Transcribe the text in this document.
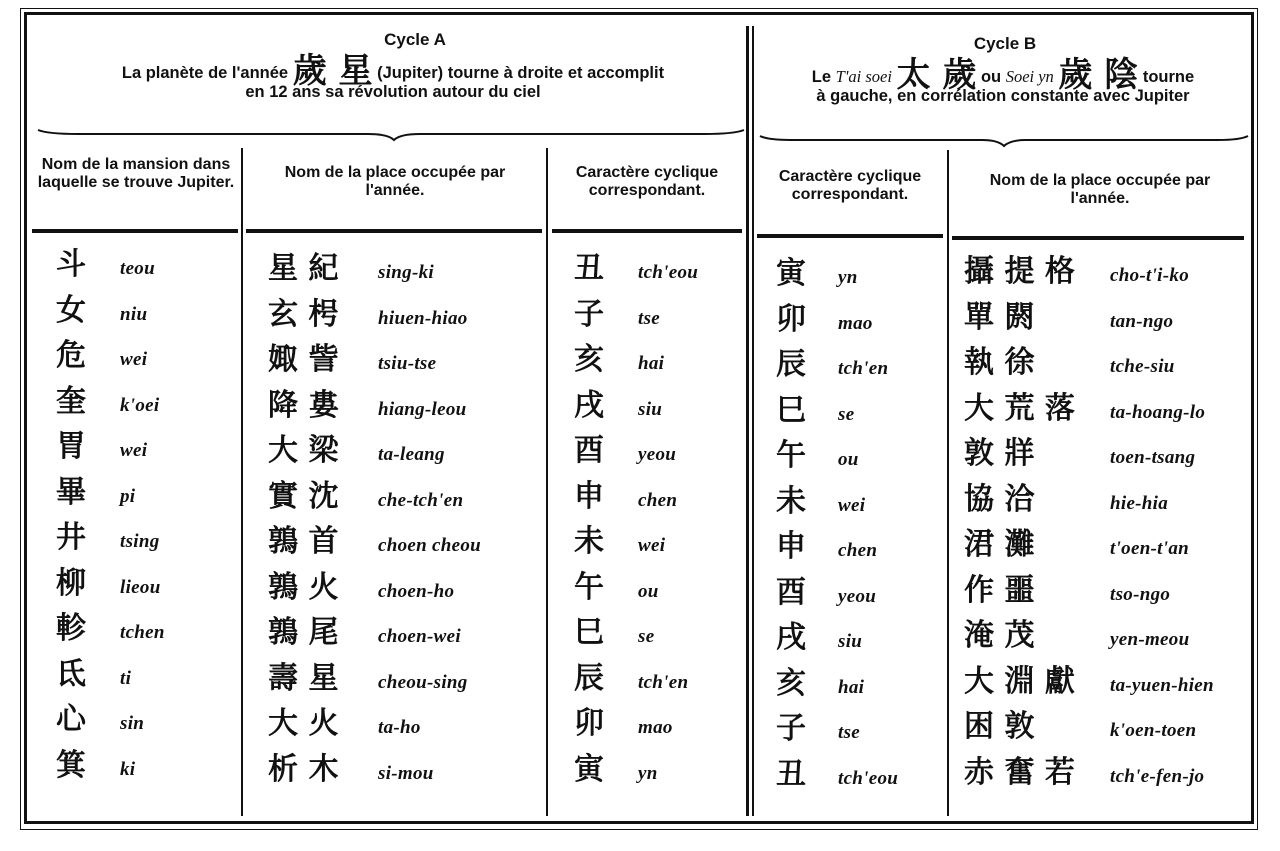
Cycle A
La planète de l'année 歲 星 (Jupiter) tourne à droite et accomplit
en 12 ans sa révolution autour du ciel
Cycle B
Le T'ai soei 太 歲 ou Soei yn 歲 陰 tourne
à gauche, en corrélation constante avec Jupiter
Nom de la mansion dans laquelle se trouve Jupiter.
Nom de la place occupée par l'année.
Caractère cyclique correspondant.
Caractère cyclique correspondant.
Nom de la place occupée par l'année.
斗 teou	星 紀 sing-ki	丑 tch'eou	寅 yn	攝 提 格 cho-t'i-ko
女 niu	玄 枵 hiuen-hiao	子 tse	卯 mao	單 閼	tan-ngo
危 wei	娵 訾 tsiu-tse	亥 hai	辰 tch'en	執 徐	tche-siu
奎 k'oei	降 婁 hiang-leou	戌 siu	巳 se	大 荒 落 ta-hoang-lo
胃 wei	大 梁 ta-leang	酉 yeou	午 ou	敦 牂	toen-tsang
畢 pi	實 沈 che-tch'en	申 chen	未 wei	協 洽	hie-hia
井 tsing	鶉 首 choen cheou	未 wei	申 chen	涒 灘	t'oen-t'an
柳 lieou	鶉 火 choen-ho	午 ou	酉 yeou	作 噩	tso-ngo
軫 tchen	鶉 尾 choen-wei	巳 se	戌 siu	淹 茂	yen-meou
氐 ti	壽 星 cheou-sing	辰 tch'en	亥 hai	大 淵 獻 ta-yuen-hien
心 sin	大 火 ta-ho	卯 mao	子 tse	困 敦	k'oen-toen
箕 ki	析 木 si-mou	寅 yn	丑 tch'eou 赤 奮 若 tch'e-fen-jo
